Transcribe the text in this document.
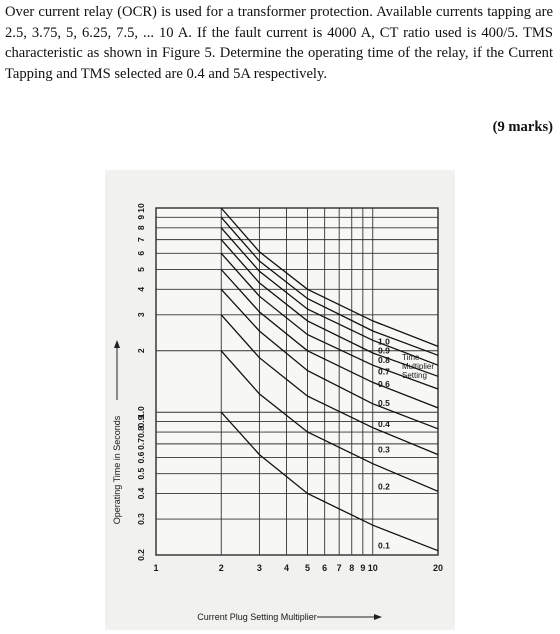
Over current relay (OCR) is used for a transformer protection. Available currents tapping are 2.5, 3.75, 5, 6.25, 7.5, ... 10 A. If the fault current is 4000 A, CT ratio used is 400/5. TMS characteristic as shown in Figure 5. Determine the operating time of the relay, if the Current Tapping and TMS selected are 0.4 and 5A respectively.
(9 marks)
1.0
0.9
0.8
0.7
0.6
0.5
0.4
0.3
0.2
0.1
Time
Multiplier
Setting
0.2
0.3
0.4
0.5
0.6
0.7
0.8
0.9
1.0
2
3
4
5
6
7
8
9
10
1	2	3 4 5 6 7 8 9 10	20
Operating Time in Seconds
Current Plug Setting Multiplier
